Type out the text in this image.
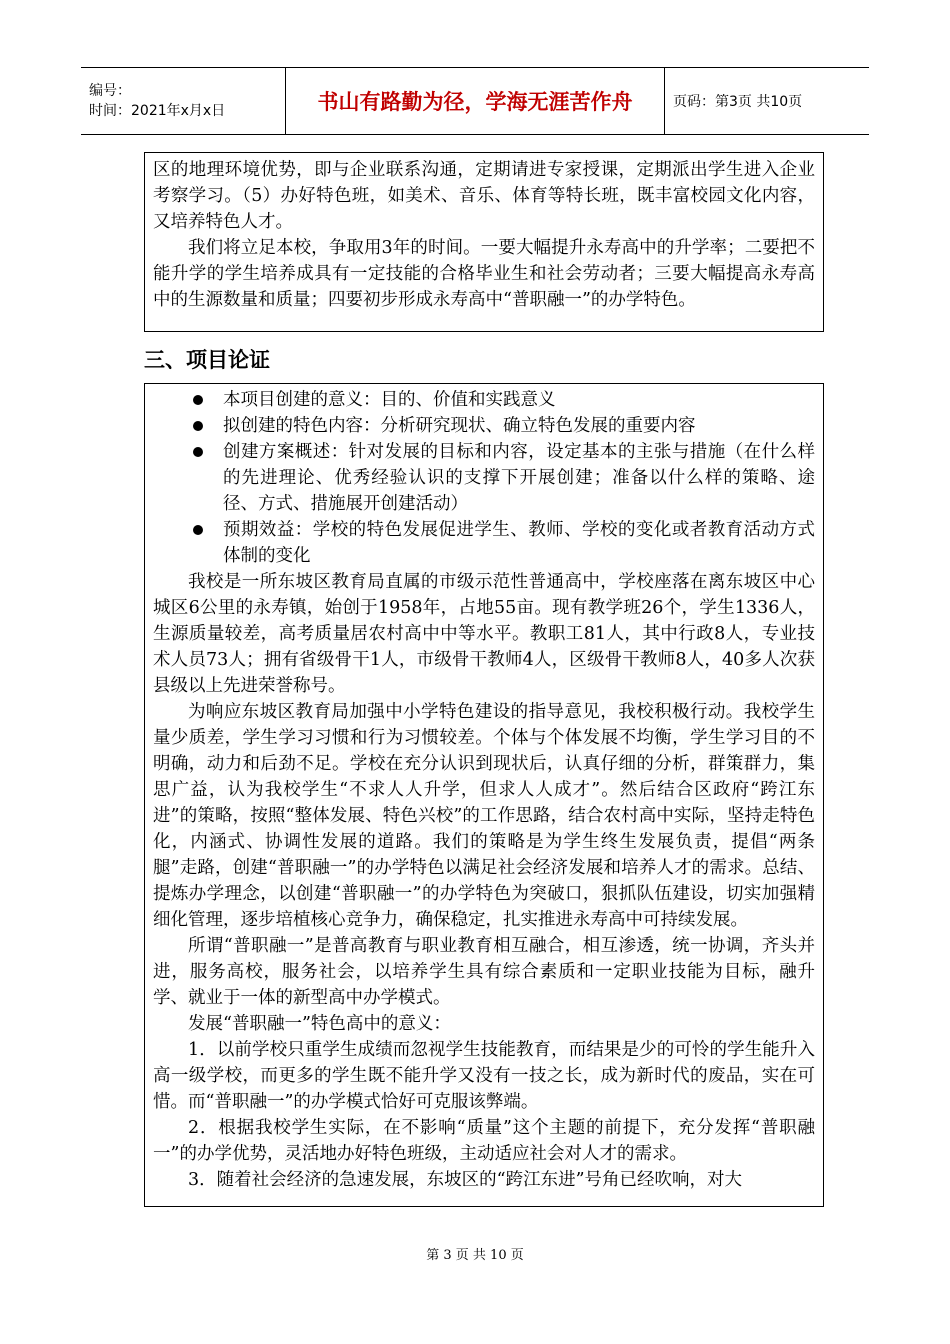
编号：
时间：2021年x月x日	书山有路勤为径，学海无涯苦作舟	页码：第3页 共10页

区的地理环境优势，即与企业联系沟通，定期请进专家授课，定期派出学生进入企业考察学习。（5）办好特色班，如美术、音乐、体育等特长班，既丰富校园文化内容，又培养特色人才。

我们将立足本校，争取用3年的时间。一要大幅提升永寿高中的升学率；二要把不能升学的学生培养成具有一定技能的合格毕业生和社会劳动者；三要大幅提高永寿高中的生源数量和质量；四要初步形成永寿高中“普职融一”的办学特色。

三、项目论证
本项目创建的意义：目的、价值和实践意义
拟创建的特色内容：分析研究现状、确立特色发展的重要内容
创建方案概述：针对发展的目标和内容，设定基本的主张与措施（在什么样的先进理论、优秀经验认识的支撑下开展创建；准备以什么样的策略、途径、方式、措施展开创建活动）
预期效益：学校的特色发展促进学生、教师、学校的变化或者教育活动方式体制的变化

我校是一所东坡区教育局直属的市级示范性普通高中，学校座落在离东坡区中心城区6公里的永寿镇，始创于1958年，占地55亩。现有教学班26个，学生1336人，生源质量较差，高考质量居农村高中中等水平。教职工81人，其中行政8人，专业技术人员73人；拥有省级骨干1人，市级骨干教师4人，区级骨干教师8人，40多人次获县级以上先进荣誉称号。

为响应东坡区教育局加强中小学特色建设的指导意见，我校积极行动。我校学生量少质差，学生学习习惯和行为习惯较差。个体与个体发展不均衡，学生学习目的不明确，动力和后劲不足。学校在充分认识到现状后，认真仔细的分析，群策群力，集思广益，认为我校学生“不求人人升学，但求人人成才”。然后结合区政府“跨江东进”的策略，按照“整体发展、特色兴校”的工作思路，结合农村高中实际，坚持走特色化，内涵式、协调性发展的道路。我们的策略是为学生终生发展负责，提倡“两条腿”走路，创建“普职融一”的办学特色以满足社会经济发展和培养人才的需求。总结、提炼办学理念，以创建“普职融一”的办学特色为突破口，狠抓队伍建设，切实加强精细化管理，逐步培植核心竞争力，确保稳定，扎实推进永寿高中可持续发展。

所谓“普职融一”是普高教育与职业教育相互融合，相互渗透，统一协调，齐头并进，服务高校，服务社会，以培养学生具有综合素质和一定职业技能为目标，融升学、就业于一体的新型高中办学模式。

发展“普职融一”特色高中的意义：

1．以前学校只重学生成绩而忽视学生技能教育，而结果是少的可怜的学生能升入高一级学校，而更多的学生既不能升学又没有一技之长，成为新时代的废品，实在可惜。而“普职融一”的办学模式恰好可克服该弊端。

2．根据我校学生实际，在不影响“质量”这个主题的前提下，充分发挥“普职融一”的办学优势，灵活地办好特色班级，主动适应社会对人才的需求。

3．随着社会经济的急速发展，东坡区的“跨江东进”号角已经吹响，对大

第 3 页 共 10 页
